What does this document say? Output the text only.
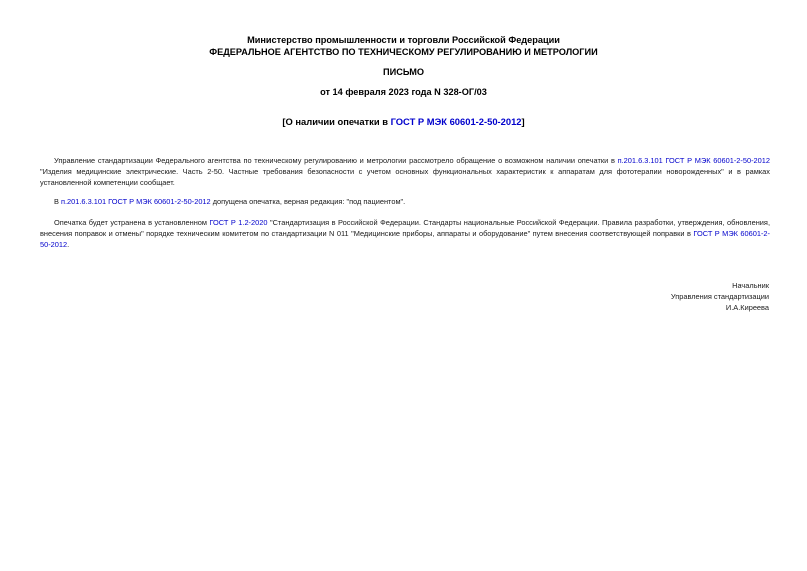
Министерство промышленности и торговли Российской Федерации
ФЕДЕРАЛЬНОЕ АГЕНТСТВО ПО ТЕХНИЧЕСКОМУ РЕГУЛИРОВАНИЮ И МЕТРОЛОГИИ
ПИСЬМО
от 14 февраля 2023 года N 328-ОГ/03
[О наличии опечатки в ГОСТ Р МЭК 60601-2-50-2012]
Управление стандартизации Федерального агентства по техническому регулированию и метрологии рассмотрело обращение о возможном наличии опечатки в п.201.6.3.101 ГОСТ Р МЭК 60601-2-50-2012 "Изделия медицинские электрические. Часть 2-50. Частные требования безопасности с учетом основных функциональных характеристик к аппаратам для фототерапии новорожденных" и в рамках установленной компетенции сообщает.
В п.201.6.3.101 ГОСТ Р МЭК 60601-2-50-2012 допущена опечатка, верная редакция: "под пациентом".
Опечатка будет устранена в установленном ГОСТ Р 1.2-2020 "Стандартизация в Российской Федерации. Стандарты национальные Российской Федерации. Правила разработки, утверждения, обновления, внесения поправок и отмены" порядке техническим комитетом по стандартизации N 011 "Медицинские приборы, аппараты и оборудование" путем внесения соответствующей поправки в ГОСТ Р МЭК 60601-2-50-2012.
Начальник
Управления стандартизации
И.А.Киреева
